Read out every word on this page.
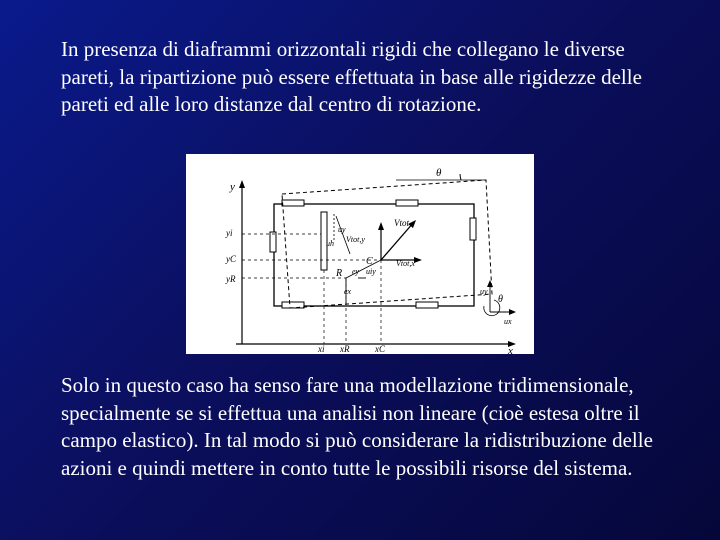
In presenza di diaframmi orizzontali rigidi che collegano le diverse pareti, la ripartizione può essere effettuata in base alle rigidezze delle pareti ed alle loro distanze dal centro di rotazione.

y
x
θ
yi
yC
yR
xi xR	xC
Vtot
Vtot,y
Vtot,x
C
R ey uiy
ex
uy
uh
uy
ux
θ

Solo in questo caso ha senso fare una modellazione tridimensionale, specialmente se si effettua una analisi non lineare (cioè estesa oltre il campo elastico). In tal modo si può considerare la ridistribuzione delle azioni e quindi mettere in conto tutte le possibili risorse del sistema.
